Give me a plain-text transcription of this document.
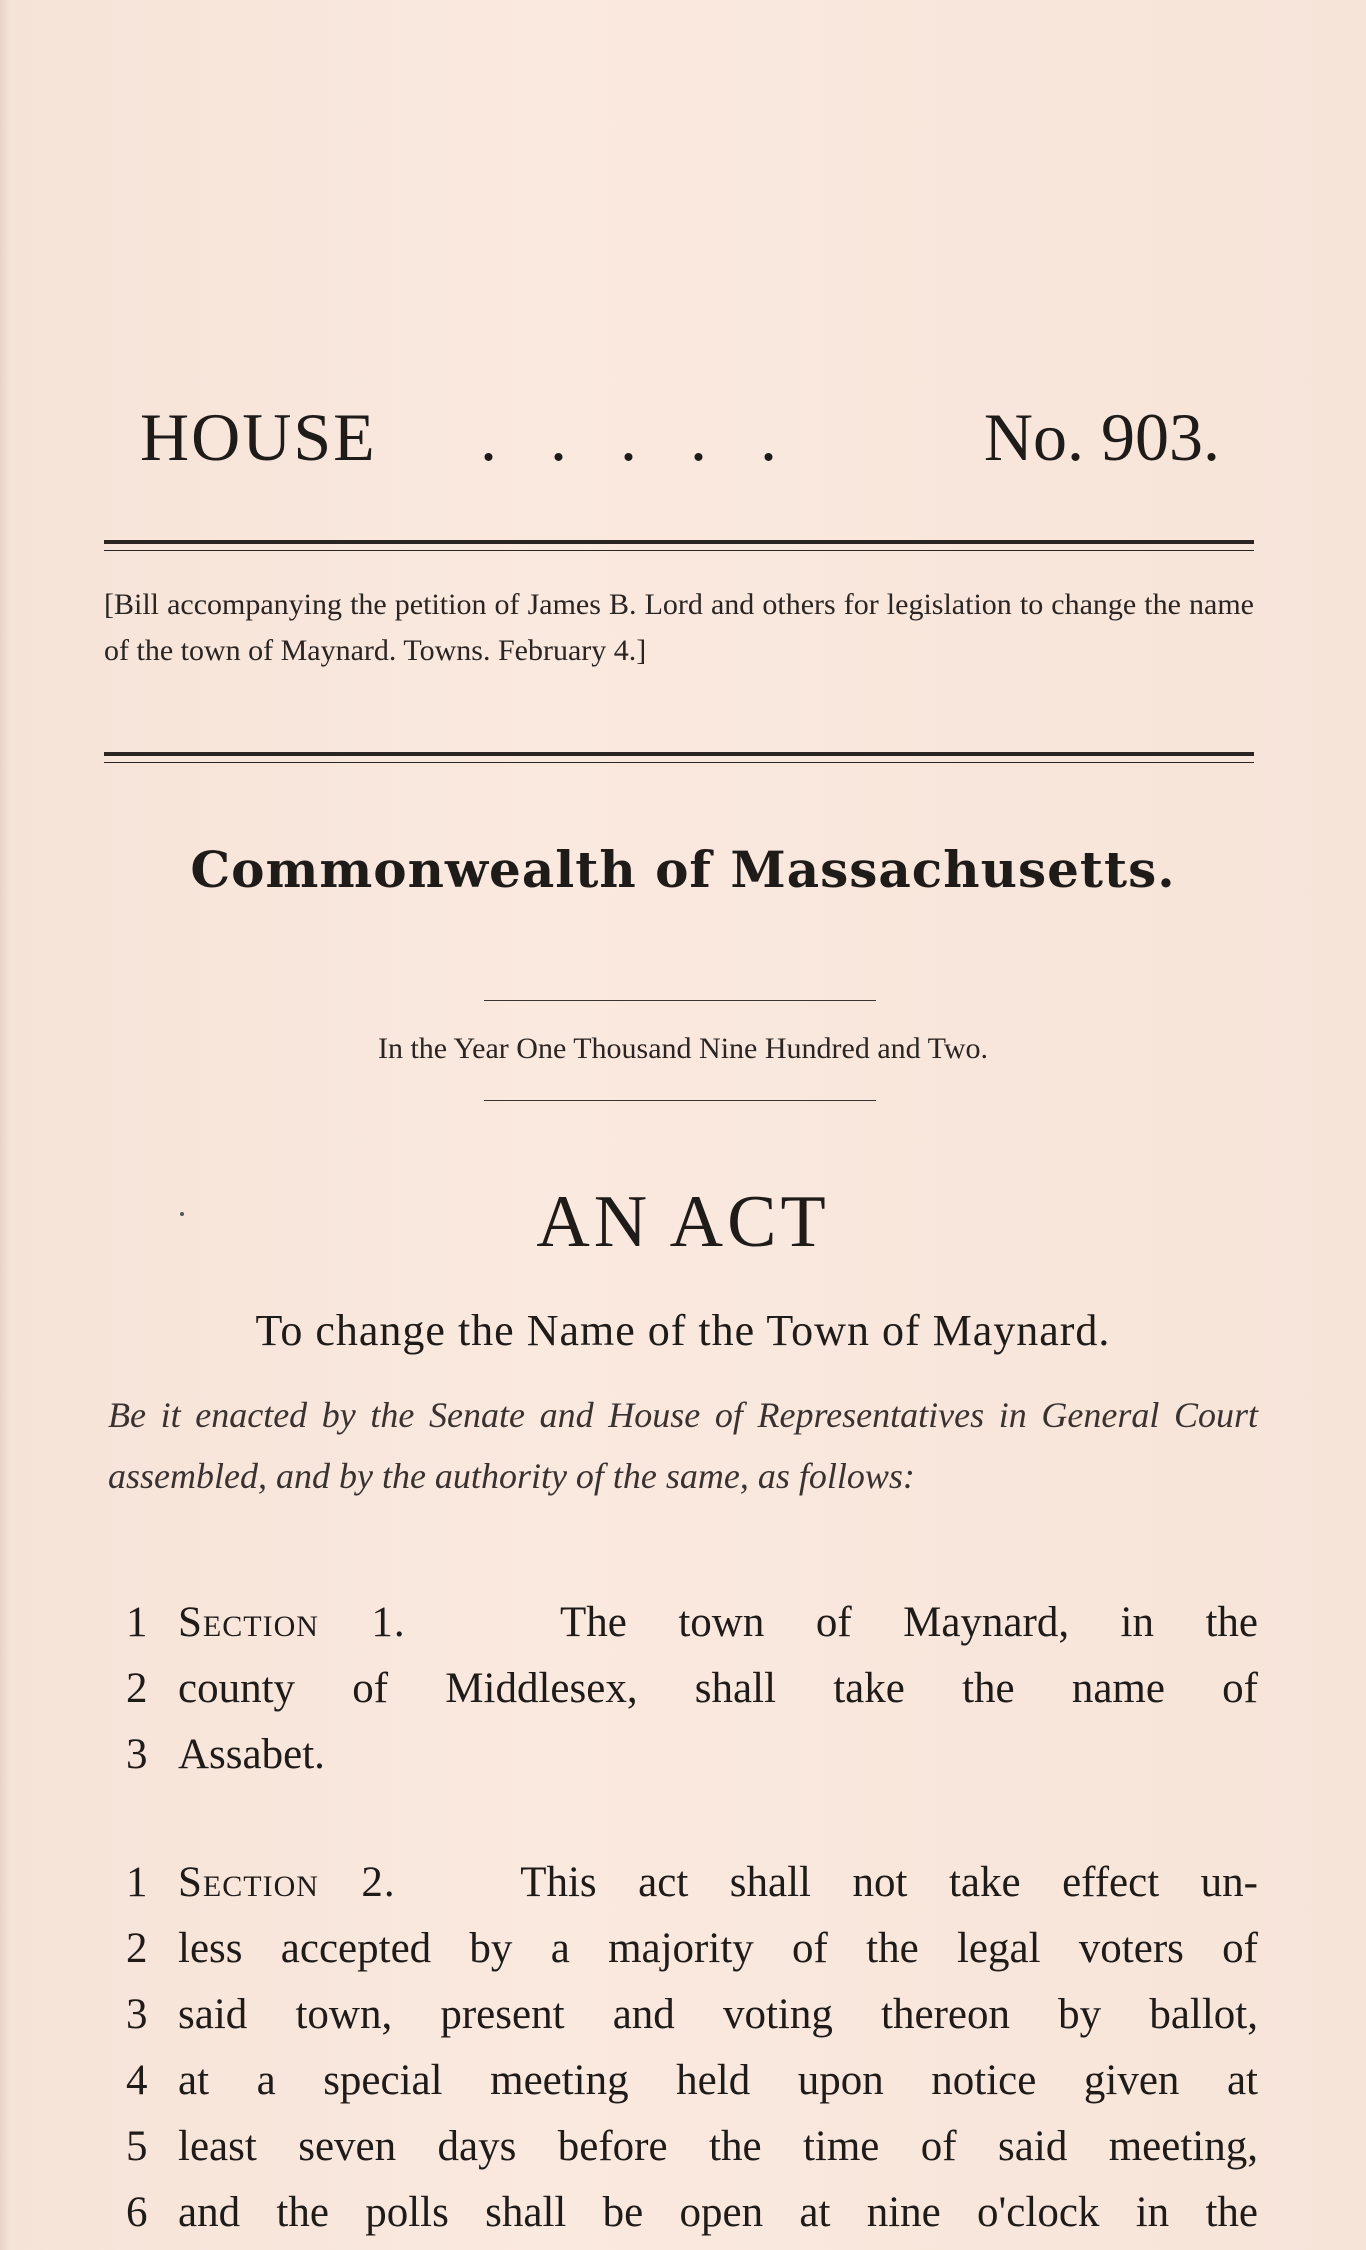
HOUSE . . . . .	No. 903.
[Bill accompanying the petition of James B. Lord and others for legislation to change the name of the town of Maynard. Towns. February 4.]
Commonwealth of Massachusetts.
In the Year One Thousand Nine Hundred and Two.
AN ACT
To change the Name of the Town of Maynard.
Be it enacted by the Senate and House of Representatives in General Court assembled, and by the authority of the same, as follows:
1 Section 1.	The town of Maynard, in the
2 county of Middlesex, shall take the name of
3 Assabet.
1 Section 2.	This act shall not take effect un-
2 less accepted by a majority of the legal voters of
3 said town, present and voting thereon by ballot,
4 at a special meeting held upon notice given at
5 least seven days before the time of said meeting,
6 and the polls shall be open at nine o'clock in the
